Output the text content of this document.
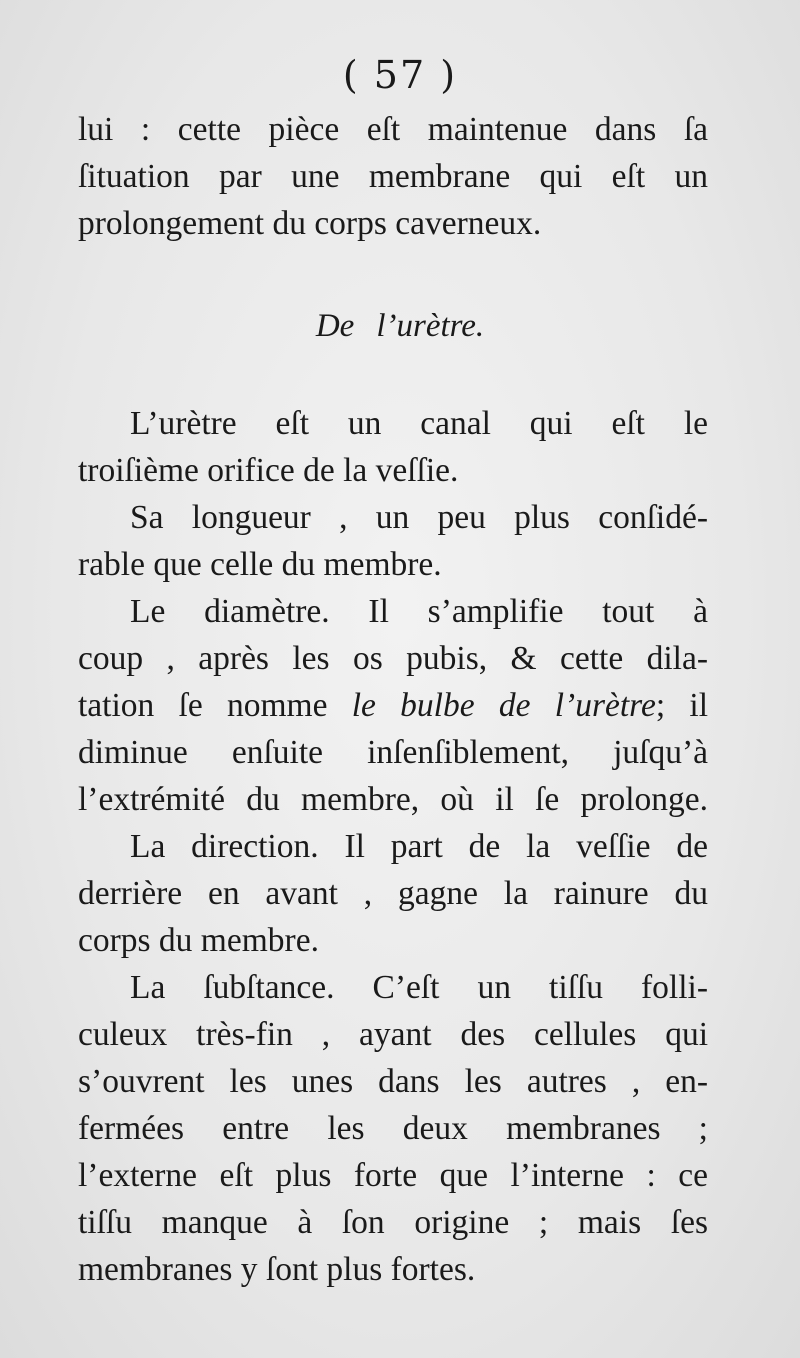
( 57 )
lui : cette pièce eſt maintenue dans ſa
ſituation par une membrane qui eſt un
prolongement du corps caverneux.
De l’urètre.
L’urètre eſt un canal qui eſt le
troiſième orifice de la veſſie.
Sa longueur , un peu plus conſidé-
rable que celle du membre.
Le diamètre. Il s’amplifie tout à
coup , après les os pubis, & cette dila-
tation ſe nomme le bulbe de l’urètre; il
diminue enſuite inſenſiblement, juſqu’à
l’extrémité du membre, où il ſe prolonge.
La direction. Il part de la veſſie de
derrière en avant , gagne la rainure du
corps du membre.
La ſubſtance. C’eſt un tiſſu folli-
culeux très-fin , ayant des cellules qui
s’ouvrent les unes dans les autres , en-
fermées entre les deux membranes ;
l’externe eſt plus forte que l’interne : ce
tiſſu manque à ſon origine ; mais ſes
membranes y ſont plus fortes.
